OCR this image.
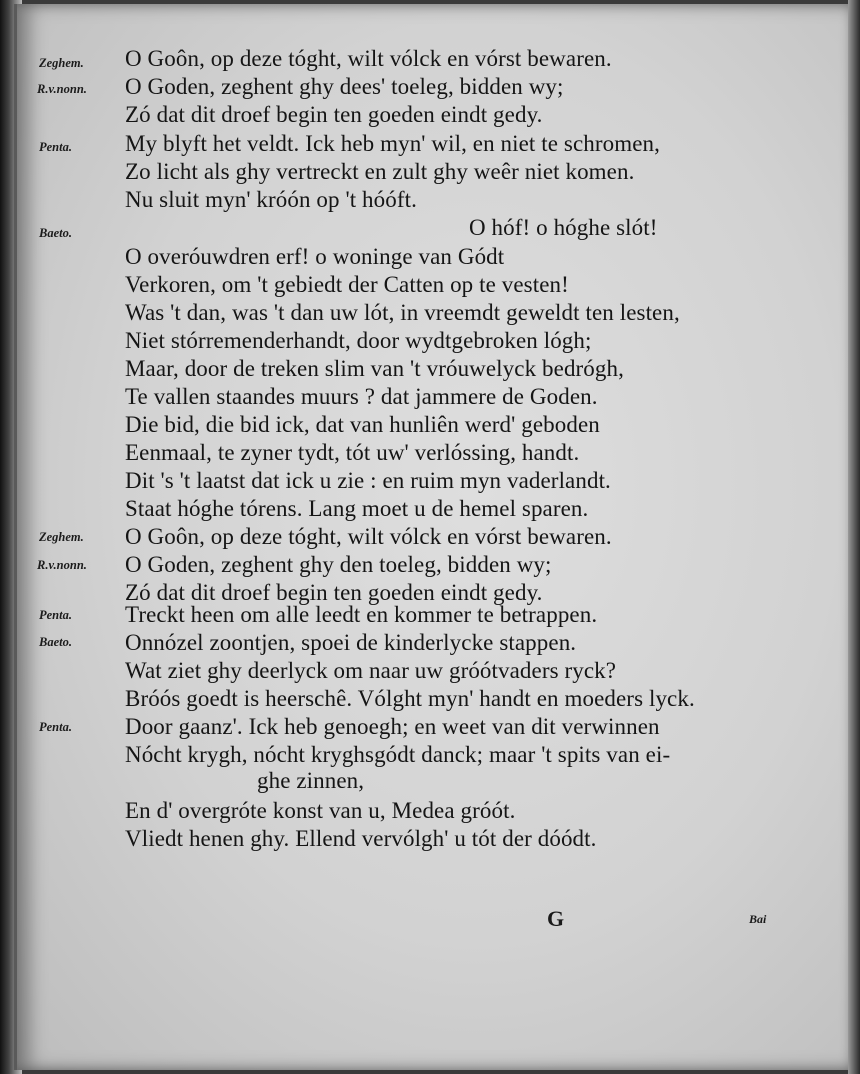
Zeghem.
R.v.nonn.
Penta.
Baeto.
Zeghem.
R.v.nonn.
Penta.
Baeto.
Penta.
O Goôn, op deze tóght, wilt vólck en vórst bewaren.
O Goden, zeghent ghy dees' toeleg, bidden wy;
Zó dat dit droef begin ten goeden eindt gedy.
My blyft het veldt. Ick heb myn' wil, en niet te schromen,
Zo licht als ghy vertreckt en zult ghy weêr niet komen.
Nu sluit myn' króón op 't hóóft.
O hóf! o hóghe slót!
O overóuwdren erf! o woninge van Gódt
Verkoren, om 't gebiedt der Catten op te vesten!
Was 't dan, was 't dan uw lót, in vreemdt geweldt ten lesten,
Niet stórremenderhandt, door wydtgebroken lógh;
Maar, door de treken slim van 't vróuwelyck bedrógh,
Te vallen staandes muurs ? dat jammere de Goden.
Die bid, die bid ick, dat van hunliên werd' geboden
Eenmaal, te zyner tydt, tót uw' verlóssing, handt.
Dit 's 't laatst dat ick u zie : en ruim myn vaderlandt.
Staat hóghe tórens. Lang moet u de hemel sparen.
O Goôn, op deze tóght, wilt vólck en vórst bewaren.
O Goden, zeghent ghy den toeleg, bidden wy;
Zó dat dit droef begin ten goeden eindt gedy.
Treckt heen om alle leedt en kommer te betrappen.
Onnózel zoontjen, spoei de kinderlycke stappen.
Wat ziet ghy deerlyck om naar uw gróótvaders ryck?
Bróós goedt is heerschê. Vólght myn' handt en moeders lyck.
Door gaanz'. Ick heb genoegh; en weet van dit verwinnen
Nócht krygh, nócht kryghsgódt danck; maar 't spits van ei-
ghe zinnen,
En d' overgróte konst van u, Medea gróót.
Vliedt henen ghy. Ellend vervólgh' u tót der dóódt.
G	Bai
